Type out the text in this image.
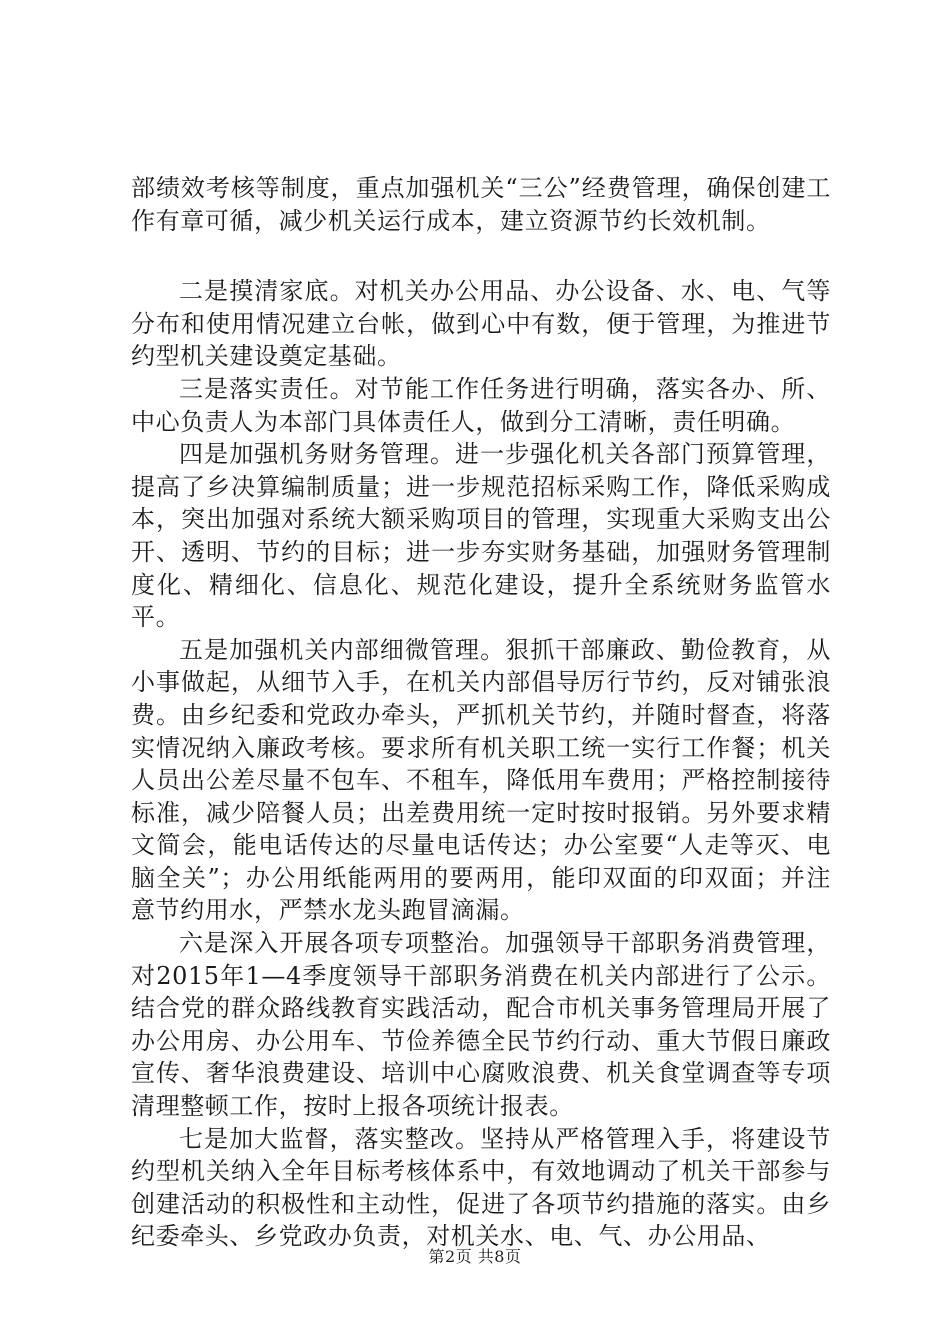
部绩效考核等制度，重点加强机关“三公”经费管理，确保创建工作有章可循，减少机关运行成本，建立资源节约长效机制。

二是摸清家底。对机关办公用品、办公设备、水、电、气等分布和使用情况建立台帐，做到心中有数，便于管理，为推进节约型机关建设奠定基础。

三是落实责任。对节能工作任务进行明确，落实各办、所、中心负责人为本部门具体责任人，做到分工清晰，责任明确。

四是加强机务财务管理。进一步强化机关各部门预算管理，提高了乡决算编制质量；进一步规范招标采购工作，降低采购成本，突出加强对系统大额采购项目的管理，实现重大采购支出公开、透明、节约的目标；进一步夯实财务基础，加强财务管理制度化、精细化、信息化、规范化建设，提升全系统财务监管水平。

五是加强机关内部细微管理。狠抓干部廉政、勤俭教育，从小事做起，从细节入手，在机关内部倡导厉行节约，反对铺张浪费。由乡纪委和党政办牵头，严抓机关节约，并随时督查，将落实情况纳入廉政考核。要求所有机关职工统一实行工作餐；机关人员出公差尽量不包车、不租车，降低用车费用；严格控制接待标准，减少陪餐人员；出差费用统一定时按时报销。另外要求精文简会，能电话传达的尽量电话传达；办公室要“人走等灭、电脑全关”；办公用纸能两用的要两用，能印双面的印双面；并注意节约用水，严禁水龙头跑冒滴漏。

六是深入开展各项专项整治。加强领导干部职务消费管理，对2015年1—4季度领导干部职务消费在机关内部进行了公示。结合党的群众路线教育实践活动，配合市机关事务管理局开展了办公用房、办公用车、节俭养德全民节约行动、重大节假日廉政宣传、奢华浪费建设、培训中心腐败浪费、机关食堂调查等专项清理整顿工作，按时上报各项统计报表。

七是加大监督，落实整改。坚持从严格管理入手，将建设节约型机关纳入全年目标考核体系中，有效地调动了机关干部参与创建活动的积极性和主动性，促进了各项节约措施的落实。由乡纪委牵头、乡党政办负责，对机关水、电、气、办公用品、

第2页 共8页
